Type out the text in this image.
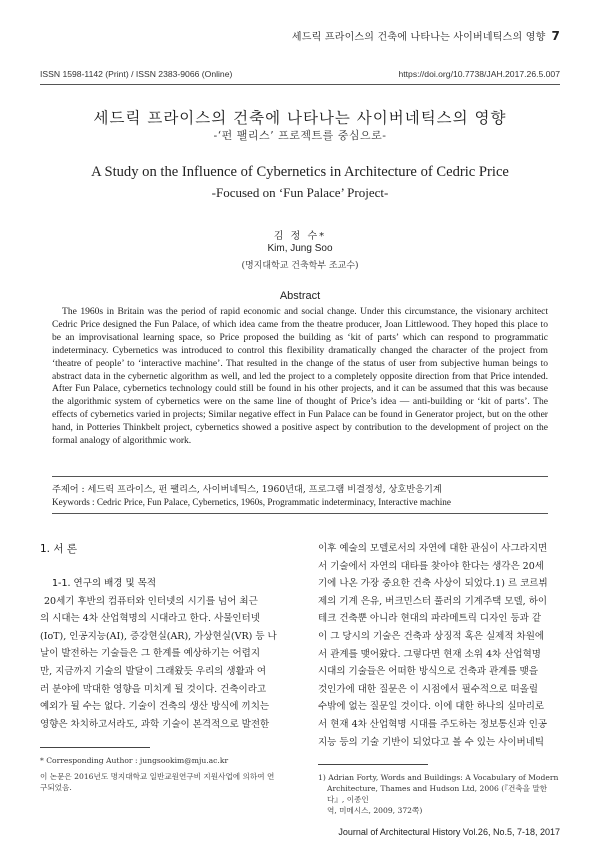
세드릭 프라이스의 건축에 나타나는 사이버네틱스의 영향 7
ISSN 1598-1142 (Print) / ISSN 2383-9066 (Online)	https://doi.org/10.7738/JAH.2017.26.5.007
세드릭 프라이스의 건축에 나타나는 사이버네틱스의 영향
-‘펀 팰리스’ 프로젝트를 중심으로-
A Study on the Influence of Cybernetics in Architecture of Cedric Price
-Focused on ‘Fun Palace’ Project-
김 정 수*
Kim, Jung Soo
(명지대학교 건축학부 조교수)
Abstract
The 1960s in Britain was the period of rapid economic and social change. Under this circumstance, the visionary architect Cedric Price designed the Fun Palace, of which idea came from the theatre producer, Joan Littlewood. They hoped this place to be an improvisational learning space, so Price proposed the building as ‘kit of parts’ which can respond to programmatic indeterminacy. Cybernetics was introduced to control this flexibility dramatically changed the character of the project from ‘theatre of people’ to ‘interactive machine’. That resulted in the change of the status of user from subjective human beings to abstract data in the cybernetic algorithm as well, and led the project to a completely opposite direction from that Price intended. After Fun Palace, cybernetics technology could still be found in his other projects, and it can be assumed that this was because the algorithmic system of cybernetics were on the same line of thought of Price’s idea — anti-building or ‘kit of parts’. The effects of cybernetics varied in projects; Similar negative effect in Fun Palace can be found in Generator project, but on the other hand, in Potteries Thinkbelt project, cybernetics showed a positive aspect by contribution to the development of project on the formal analogy of algorithmic work.
주제어 : 세드릭 프라이스, 펀 팰리스, 사이버네틱스, 1960년대, 프로그램 비결정성, 상호반응기계
Keywords : Cedric Price, Fun Palace, Cybernetics, 1960s, Programmatic indeterminacy, Interactive machine
1. 서 론
1-1. 연구의 배경 및 목적

20세기 후반의 컴퓨터와 인터넷의 시기를 넘어 최근
의 시대는 4차 산업혁명의 시대라고 한다. 사물인터넷
(IoT), 인공지능(AI), 증강현실(AR), 가상현실(VR) 등 나
날이 발전하는 기술들은 그 한계를 예상하기는 어렵지
만, 지금까지 기술의 발달이 그래왔듯 우리의 생활과 여
러 분야에 막대한 영향을 미치게 될 것이다. 건축이라고
예외가 될 수는 없다. 기술이 건축의 생산 방식에 끼치는
영향은 차치하고서라도, 과학 기술이 본격적으로 발전한
이후 예술의 모델로서의 자연에 대한 관심이 사그라지면
서 기술에서 자연의 대타를 찾아야 한다는 생각은 20세
기에 나온 가장 중요한 건축 사상이 되었다.1) 르 코르뷔
제의 기계 은유, 버크민스터 풀러의 기계주택 모델, 하이
테크 건축뿐 아니라 현대의 파라메트릭 디자인 등과 같
이 그 당시의 기술은 건축과 상징적 혹은 실제적 차원에
서 관계를 맺어왔다. 그렇다면 현재 소위 4차 산업혁명
시대의 기술들은 어떠한 방식으로 건축과 관계를 맺을
것인가에 대한 질문은 이 시점에서 필수적으로 떠올릴
수밖에 없는 질문일 것이다. 이에 대한 하나의 실마리로
서 현재 4차 산업혁명 시대를 주도하는 정보통신과 인공
지능 등의 기술 기반이 되었다고 볼 수 있는 사이버네틱
* Corresponding Author : jungsookim@mju.ac.kr
이 논문은 2016년도 명지대학교 일반교원연구비 지원사업에 의하여 연
구되었음.
1) Adrian Forty, Words and Buildings: A Vocabulary of Modern
Architecture, Thames and Hudson Ltd, 2006 (『건축을 말한다』, 이종인
역, 미메시스, 2009, 372쪽)
Journal of Architectural History Vol.26, No.5, 7-18, 2017
